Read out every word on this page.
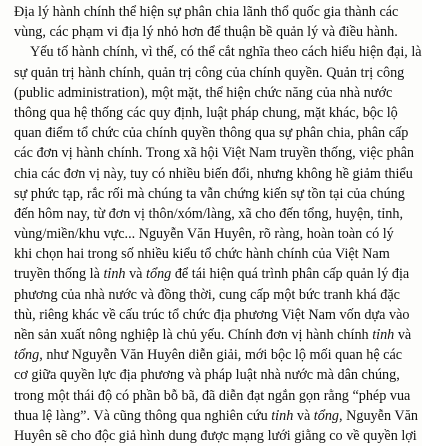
Địa lý hành chính thể hiện sự phân chia lãnh thổ quốc gia thành các
vùng, các phạm vi địa lý nhỏ hơn để thuận bề quản lý và điều hành.
Yếu tố hành chính, vì thế, có thể cắt nghĩa theo cách hiểu hiện đại, là
sự quản trị hành chính, quản trị công của chính quyền. Quản trị công
(public administration), một mặt, thể hiện chức năng của nhà nước
thông qua hệ thống các quy định, luật pháp chung, mặt khác, bộc lộ
quan điểm tổ chức của chính quyền thông qua sự phân chia, phân cấp
các đơn vị hành chính. Trong xã hội Việt Nam truyền thống, việc phân
chia các đơn vị này, tuy có nhiều biến đổi, nhưng không hề giảm thiểu
sự phức tạp, rắc rối mà chúng ta vẫn chứng kiến sự tồn tại của chúng
đến hôm nay, từ đơn vị thôn/xóm/làng, xã cho đến tổng, huyện, tỉnh,
vùng/miền/khu vực... Nguyễn Văn Huyên, rõ ràng, hoàn toàn có lý
khi chọn hai trong số nhiều kiểu tổ chức hành chính của Việt Nam
truyền thống là tỉnh và tổng để tái hiện quá trình phân cấp quản lý địa
phương của nhà nước và đồng thời, cung cấp một bức tranh khá đặc
thù, riêng khác về cấu trúc tổ chức địa phương Việt Nam vốn dựa vào
nền sản xuất nông nghiệp là chủ yếu. Chính đơn vị hành chính tỉnh và
tổng, như Nguyễn Văn Huyên diễn giải, mới bộc lộ mối quan hệ các
cơ giữa quyền lực địa phương và pháp luật nhà nước mà dân chúng,
trong một thái độ có phần bỗ bã, đã diễn đạt ngắn gọn rằng “phép vua
thua lệ làng”. Và cũng thông qua nghiên cứu tỉnh và tổng, Nguyễn Văn
Huyên sẽ cho độc giả hình dung được mạng lưới giằng co về quyền lợi
